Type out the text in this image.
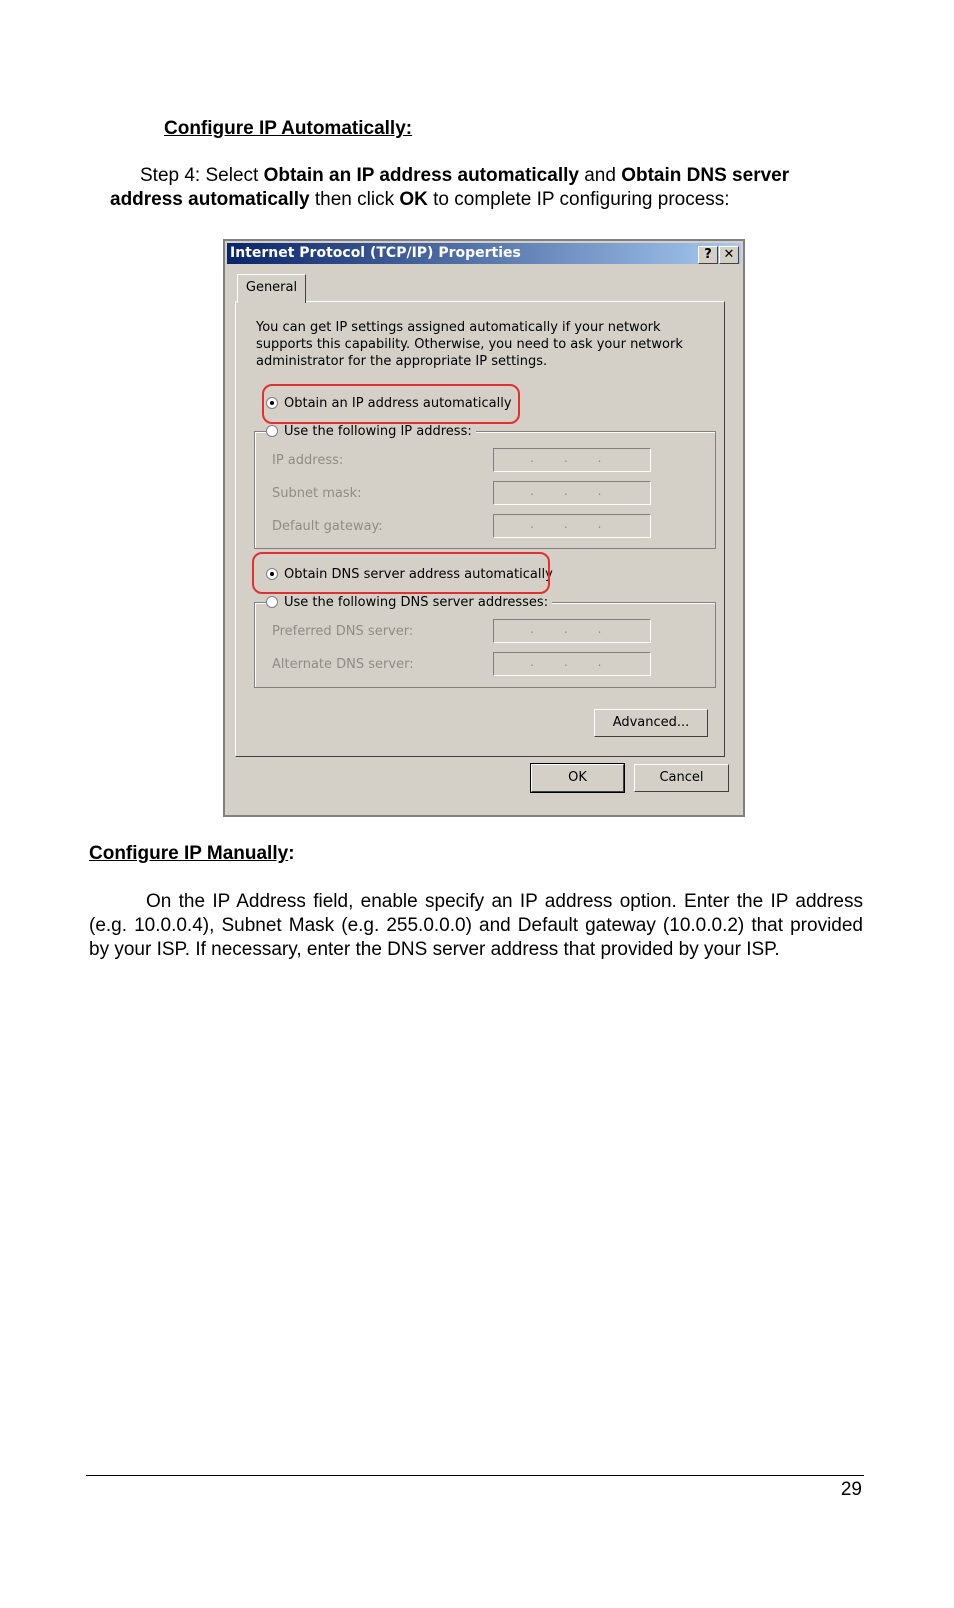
Configure IP Automatically:
Step 4: Select Obtain an IP address automatically and Obtain DNS server address automatically then click OK to complete IP configuring process:
Internet Protocol (TCP/IP) Properties	? ✕
General
You can get IP settings assigned automatically if your network supports this capability. Otherwise, you need to ask your network administrator for the appropriate IP settings.
Obtain an IP address automatically
Use the following IP address:
IP address:	...
Subnet mask:	...
Default gateway:	...
Obtain DNS server address automatically
Use the following DNS server addresses:
Preferred DNS server:	...
Alternate DNS server:	...
Advanced...
OK	Cancel
Configure IP Manually:
On the IP Address field, enable specify an IP address option. Enter the IP address (e.g. 10.0.0.4), Subnet Mask (e.g. 255.0.0.0) and Default gateway (10.0.0.2) that provided by your ISP. If necessary, enter the DNS server address that provided by your ISP.
29
